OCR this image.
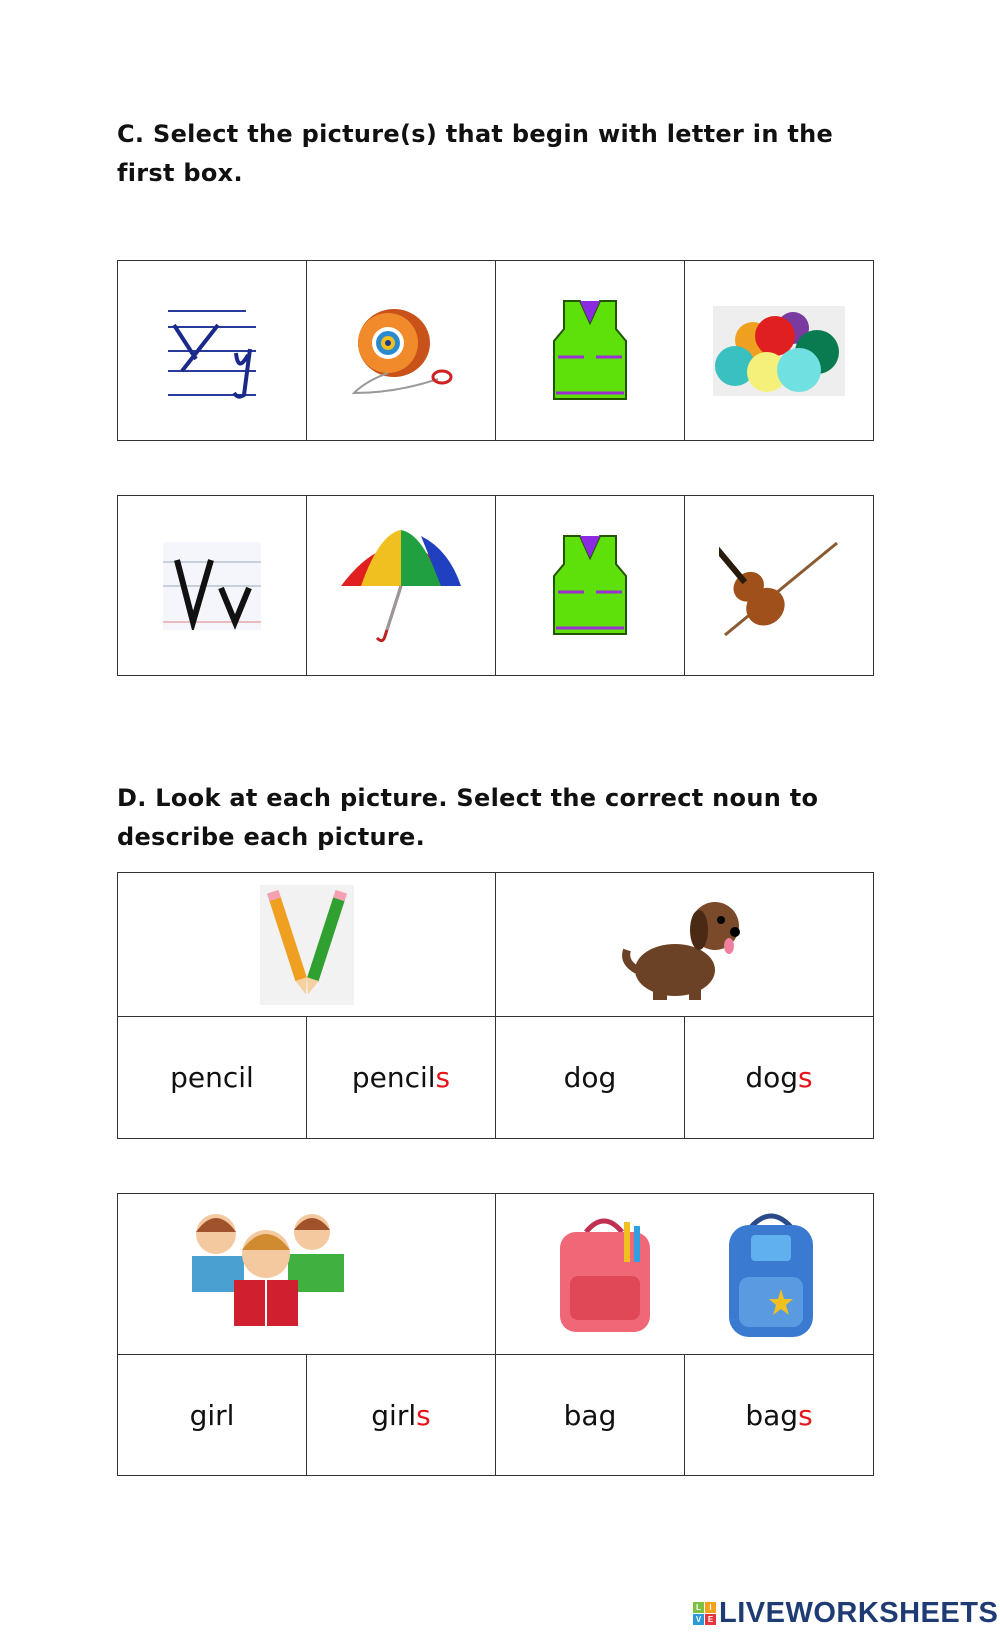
C. Select the picture(s) that begin with letter in the first box.

D. Look at each picture. Select the correct noun to describe each picture.

pencil	pencils	dog	dogs

girl	girls	bag	bags
L	I
V E LIVEWORKSHEETS
